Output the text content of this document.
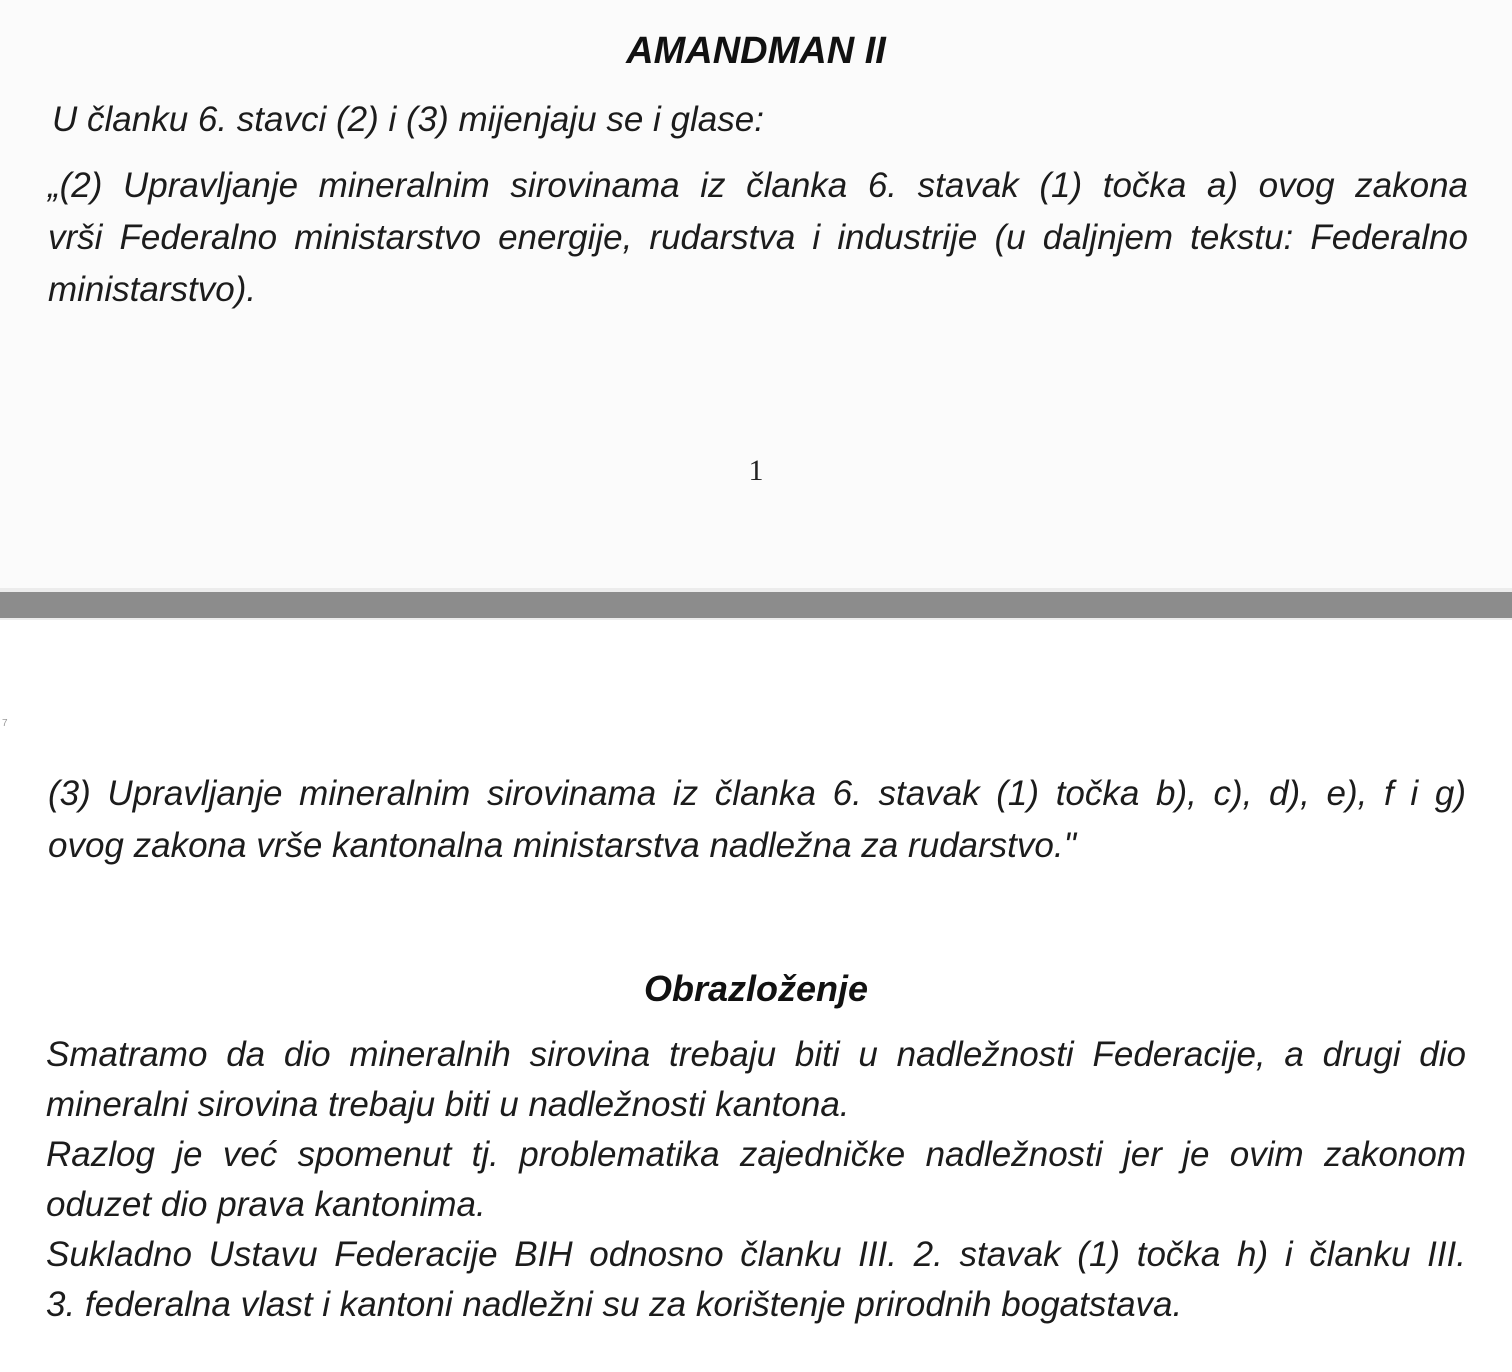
AMANDMAN II
U članku 6. stavci (2) i (3) mijenjaju se i glase:
„(2) Upravljanje mineralnim sirovinama iz članka 6. stavak (1) točka a) ovog zakona
vrši Federalno ministarstvo energije, rudarstva i industrije (u daljnjem tekstu: Federalno
ministarstvo).
1
7
(3) Upravljanje mineralnim sirovinama iz članka 6. stavak (1) točka b), c), d), e), f i g)
ovog zakona vrše kantonalna ministarstva nadležna za rudarstvo."
Obrazloženje
Smatramo da dio mineralnih sirovina trebaju biti u nadležnosti Federacije, a drugi dio
mineralni sirovina trebaju biti u nadležnosti kantona.
Razlog je već spomenut tj. problematika zajedničke nadležnosti jer je ovim zakonom
oduzet dio prava kantonima.
Sukladno Ustavu Federacije BIH odnosno članku III. 2. stavak (1) točka h) i članku III.
3. federalna vlast i kantoni nadležni su za korištenje prirodnih bogatstava.
